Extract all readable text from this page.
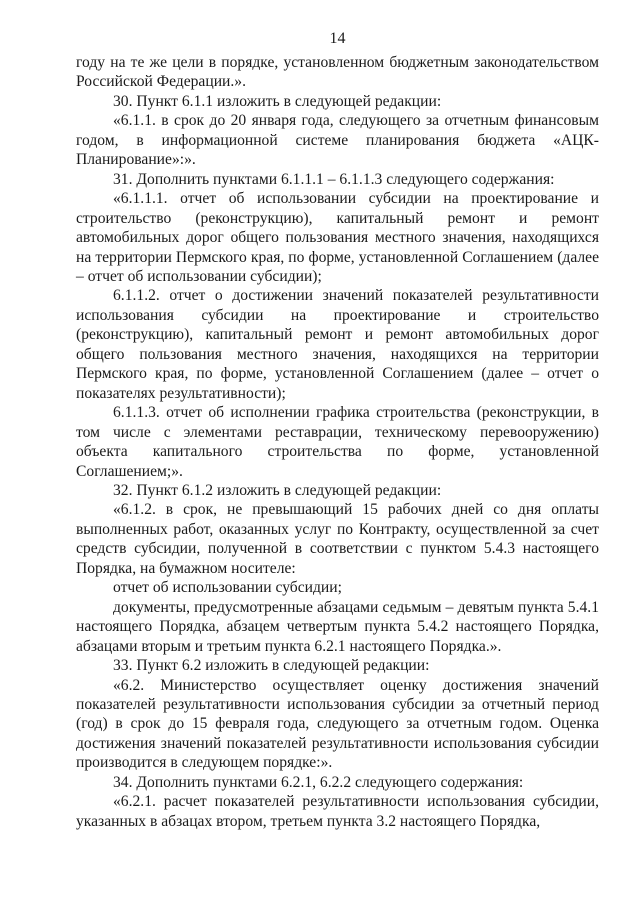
14

году на те же цели в порядке, установленном бюджетным законодательством Российской Федерации.».

30. Пункт 6.1.1 изложить в следующей редакции:

«6.1.1. в срок до 20 января года, следующего за отчетным финансовым годом, в информационной системе планирования бюджета «АЦК-Планирование»:».

31. Дополнить пунктами 6.1.1.1 – 6.1.1.3 следующего содержания:

«6.1.1.1. отчет об использовании субсидии на проектирование и строительство (реконструкцию), капитальный ремонт и ремонт автомобильных дорог общего пользования местного значения, находящихся на территории Пермского края, по форме, установленной Соглашением (далее – отчет об использовании субсидии);

6.1.1.2. отчет о достижении значений показателей результативности использования субсидии на проектирование и строительство (реконструкцию), капитальный ремонт и ремонт автомобильных дорог общего пользования местного значения, находящихся на территории Пермского края, по форме, установленной Соглашением (далее – отчет о показателях результативности);

6.1.1.3. отчет об исполнении графика строительства (реконструкции, в том числе с элементами реставрации, техническому перевооружению) объекта капитального строительства по форме, установленной Соглашением;».

32. Пункт 6.1.2 изложить в следующей редакции:

«6.1.2. в срок, не превышающий 15 рабочих дней со дня оплаты выполненных работ, оказанных услуг по Контракту, осуществленной за счет средств субсидии, полученной в соответствии с пунктом 5.4.3 настоящего Порядка, на бумажном носителе:

отчет об использовании субсидии;

документы, предусмотренные абзацами седьмым – девятым пункта 5.4.1 настоящего Порядка, абзацем четвертым пункта 5.4.2 настоящего Порядка, абзацами вторым и третьим пункта 6.2.1 настоящего Порядка.».

33. Пункт 6.2 изложить в следующей редакции:

«6.2. Министерство осуществляет оценку достижения значений показателей результативности использования субсидии за отчетный период (год) в срок до 15 февраля года, следующего за отчетным годом. Оценка достижения значений показателей результативности использования субсидии производится в следующем порядке:».

34. Дополнить пунктами 6.2.1, 6.2.2 следующего содержания:

«6.2.1. расчет показателей результативности использования субсидии, указанных в абзацах втором, третьем пункта 3.2 настоящего Порядка,
